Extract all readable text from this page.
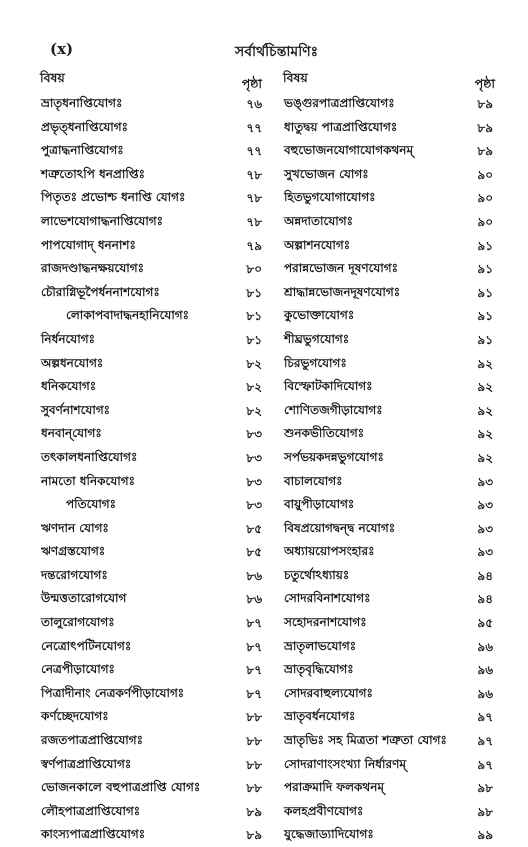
(x)	সর্বার্থচিন্তামণিঃ
বিষয়	পৃষ্ঠা
ভ্রাতৃধনাপ্তিযোগঃ	৭৬
প্রভৃত্ধনাপ্তিযোগঃ	৭৭
পুত্রাদ্ধনাপ্তিযোগঃ	৭৭
শত্রুতোঽপি ধনপ্রাপ্তিঃ	৭৮
পিতৃতঃ প্রভোশ্চ ধনাপ্তি যোগঃ	৭৮
লাভেশযোগাদ্ধনাপ্তিযোগঃ	৭৮
পাপযোগাদ্ ধননাশঃ	৭৯
রাজদণ্ডাদ্ধনক্ষয়যোগঃ	৮০
চৌরাগ্নিভূপৈর্ধননাশযোগঃ	৮১
লোকাপবাদাদ্ধনহানিযোগঃ	৮১
নির্ধনযোগঃ	৮১
অল্পধনযোগঃ	৮২
ধনিকযোগঃ	৮২
সুবর্ণনাশযোগঃ	৮২
ধনবান্‌যোগঃ	৮৩
তৎকালধনাপ্তিযোগঃ	৮৩
নামতো ধনিকযোগঃ	৮৩
পতিযোগঃ	৮৩
ঋণদান যোগঃ	৮৫
ঋণগ্রস্তযোগঃ	৮৫
দন্তরোগযোগঃ	৮৬
উন্মত্ততারোগযোগ	৮৬
তালুরোগযোগঃ	৮৭
নেত্রোৎপটিনযোগঃ	৮৭
নেত্রপীড়াযোগঃ	৮৭
পিত্রাদীনাং নেত্রকর্ণপীড়াযোগঃ	৮৭
কর্ণচ্ছেদযোগঃ	৮৮
রজতপাত্রপ্রাপ্তিযোগঃ	৮৮
স্বর্ণপাত্রপ্রাপ্তিযোগঃ	৮৮
ভোজনকালে বহুপাত্রপ্রাপ্তি যোগঃ	৮৮
লৌহপাত্রপ্রাপ্তিযোগঃ	৮৯
কাংস্যপাত্রপ্রাপ্তিযোগঃ	৮৯
বিষয়	পৃষ্ঠা
ভঙ্গুরপাত্রপ্রাপ্তিযোগঃ	৮৯
ধাতুদ্বয় পাত্রপ্রাপ্তিযোগঃ	৮৯
বহুভোজনযোগাযোগকথনম্	৮৯
সুখভোজন যোগঃ	৯০
হিতভুগযোগাযোগঃ	৯০
অন্নদাতাযোগঃ	৯০
অল্পাশনযোগঃ	৯১
পরান্নভোজন দূষণযোগঃ	৯১
শ্রাদ্ধান্নভোজনদূষণযোগঃ	৯১
কুভোক্তাযোগঃ	৯১
শীঘ্রভুগযোগঃ	৯১
চিরভুগযোগঃ	৯২
বিস্ফোটকাদিযোগঃ	৯২
শোণিতজগীড়াযোগঃ	৯২
শুনকভীতিযোগঃ	৯২
সর্পভয়কদন্নভুগযোগঃ	৯২
বাচালযোগঃ	৯৩
বায়ুপীড়াযোগঃ	৯৩
বিষপ্রয়োগদ্বন্দ্ব নযোগঃ	৯৩
অধ্যায়য়োপসংহারঃ	৯৩
চতুর্থোঽধ্যায়ঃ	৯৪
সোদরবিনাশযোগঃ	৯৪
সহোদরনাশযোগঃ	৯৫
ভ্রাতৃলাভযোগঃ	৯৬
ভ্রাতৃবৃদ্ধিযোগঃ	৯৬
সোদরবাহুল্যযোগঃ	৯৬
ভ্রাতৃবর্ধনযোগঃ	৯৭
ভ্রাতৃভিঃ সহ মিত্রতা শত্রুতা যোগঃ	৯৭
সোদরাণাংসংখ্যা নির্ধারণম্	৯৭
পরাক্রমাদি ফলকথনম্	৯৮
কলহপ্রবীণযোগঃ	৯৮
যুদ্ধেজাড্যাদিযোগঃ	৯৯
